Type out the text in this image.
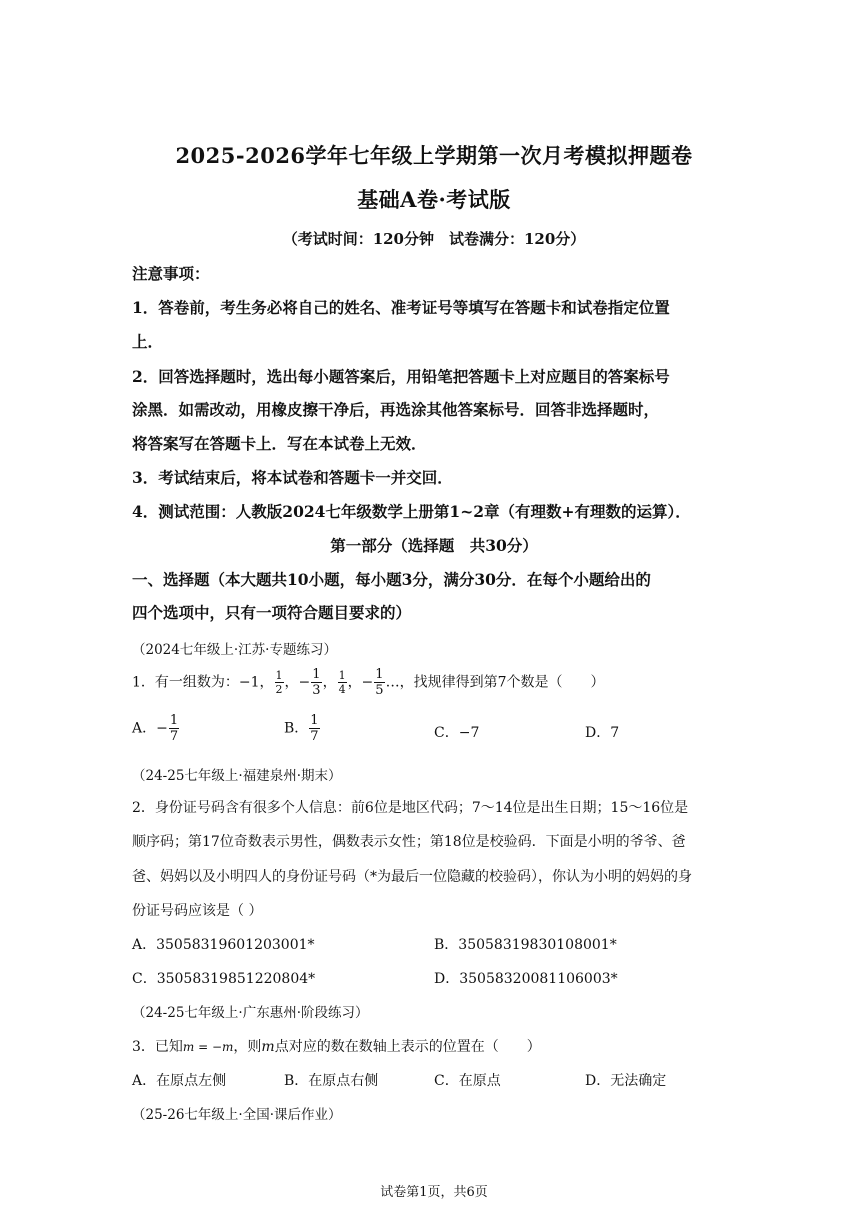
2025-2026学年七年级上学期第一次月考模拟押题卷
基础A卷·考试版
（考试时间：120分钟　试卷满分：120分）
注意事项：
1．答卷前，考生务必将自己的姓名、准考证号等填写在答题卡和试卷指定位置
上．
2．回答选择题时，选出每小题答案后，用铅笔把答题卡上对应题目的答案标号
涂黑．如需改动，用橡皮擦干净后，再选涂其他答案标号．回答非选择题时，
将答案写在答题卡上．写在本试卷上无效．
3．考试结束后，将本试卷和答题卡一并交回．
4．测试范围：人教版2024七年级数学上册第1~2章（有理数+有理数的运算）．
第一部分（选择题　共30分）
一、选择题（本大题共10小题，每小题3分，满分30分．在每个小题给出的
四个选项中，只有一项符合题目要求的）
（2024七年级上·江苏·专题练习）
1．有一组数为：−1， $\frac{1}{2}$ ，− $\frac{1}{3}$ ， $\frac{1}{4}$ ，− $\frac{1}{5}$ …，找规律得到第7个数是（　　）
A．− $\frac{1}{7}$	B． $\frac{1}{7}$	C．−7	D．7
（24-25七年级上·福建泉州·期末）
2．身份证号码含有很多个人信息：前6位是地区代码；7～14位是出生日期；15～16位是
顺序码；第17位奇数表示男性，偶数表示女性；第18位是校验码．下面是小明的爷爷、爸
爸、妈妈以及小明四人的身份证号码（*为最后一位隐藏的校验码），你认为小明的妈妈的身
份证号码应该是（ ）
A．35058319601203001*	B．35058319830108001*
C．35058319851220804*	D．35058320081106003*
（24-25七年级上·广东惠州·阶段练习）
3．已知m = −m，则m点对应的数在数轴上表示的位置在（　　）
A．在原点左侧	B．在原点右侧	C．在原点	D．无法确定
（25-26七年级上·全国·课后作业）
试卷第1页，共6页
